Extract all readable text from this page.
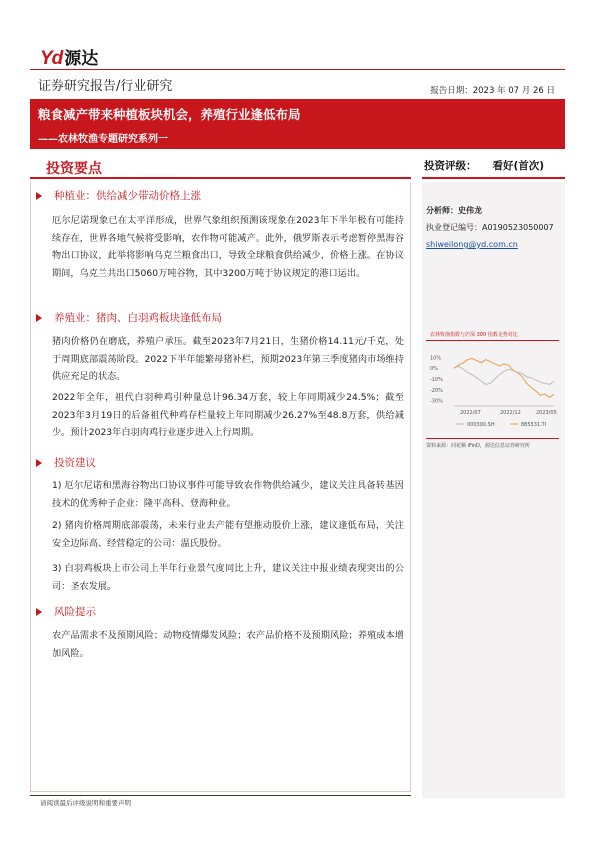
Yd 源达
证券研究报告/行业研究	报告日期：2023 年 07 月 26 日
粮食减产带来种植板块机会，养殖行业逢低布局
——农林牧渔专题研究系列一
投资要点
种植业：供给减少带动价格上涨
厄尔尼诺现象已在太平洋形成，世界气象组织预测该现象在2023年下半年极有可能持续存在，世界各地气候将受影响，农作物可能减产。此外，俄罗斯表示考虑暂停黑海谷物出口协议，此举将影响乌克兰粮食出口，导致全球粮食供给减少，价格上涨。在协议期间，乌克兰共出口5060万吨谷物，其中3200万吨于协议规定的港口运出。
养殖业：猪肉、白羽鸡板块逢低布局
猪肉价格仍在磨底，养殖户承压。截至2023年7月21日，生猪价格14.11元/千克，处于周期底部震荡阶段。2022下半年能繁母猪补栏，预期2023年第三季度猪肉市场维持供应充足的状态。
2022年全年，祖代白羽种鸡引种量总计96.34万套，较上年同期减少24.5%；截至2023年3月19日的后备祖代种鸡存栏量较上年同期减少26.27%至48.8万套，供给减少。预计2023年白羽肉鸡行业逐步进入上行周期。
投资建议
1) 厄尔尼诺和黑海谷物出口协议事件可能导致农作物供给减少，建议关注具备转基因技术的优秀种子企业：隆平高科、登海种业。
2) 猪肉价格周期底部震荡，未来行业去产能有望推动股价上涨，建议逢低布局，关注安全边际高、经营稳定的公司：温氏股份。
3) 白羽鸡板块上市公司上半年行业景气度同比上升，建议关注中报业绩表现突出的公司：圣农发展。
风险提示
农产品需求不及预期风险；动物疫情爆发风险；农产品价格不及预期风险；养殖成本增加风险。
投资评级： 看好(首次)
分析师：史伟龙
执业登记编号：A0190523050007
shiweilong@yd.com.cn
农林牧渔指数与沪深 300 指数走势对比
10%
0%
-10%
-20%
-30%
2022/07	2022/12	2023/05
000300.SH	885531.TI
资料来源：同花顺 iFinD，源达信息证券研究所
请阅读最后评级说明和重要声明
